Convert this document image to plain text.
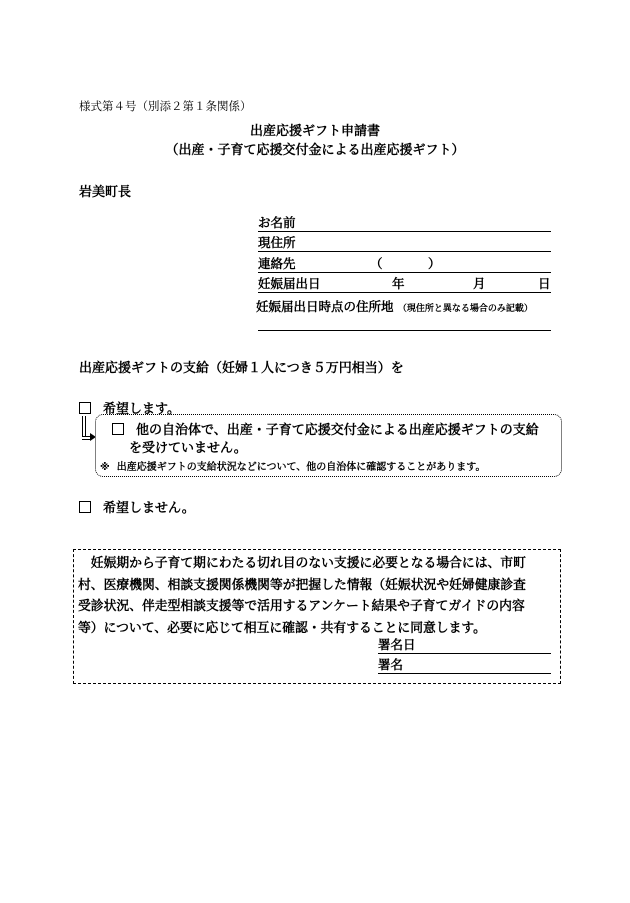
様式第４号（別添２第１条関係）
出産応援ギフト申請書
（出産・子育て応援交付金による出産応援ギフト）
岩美町長
お名前
現住所
連絡先	（	）
妊娠届出日	年	月	日
妊娠届出日時点の住所地 （現住所と異なる場合のみ記載）
出産応援ギフトの支給（妊婦１人につき５万円相当）を
希望します。
他の自治体で、出産・子育て応援交付金による出産応援ギフトの支給
を受けていません。
※ 出産応援ギフトの支給状況などについて、他の自治体に確認することがあります。
希望しません。
　妊娠期から子育て期にわたる切れ目のない支援に必要となる場合には、市町
村、医療機関、相談支援関係機関等が把握した情報（妊娠状況や妊婦健康診査
受診状況、伴走型相談支援等で活用するアンケート結果や子育てガイドの内容
等）について、必要に応じて相互に確認・共有することに同意します。
署名日
署名
